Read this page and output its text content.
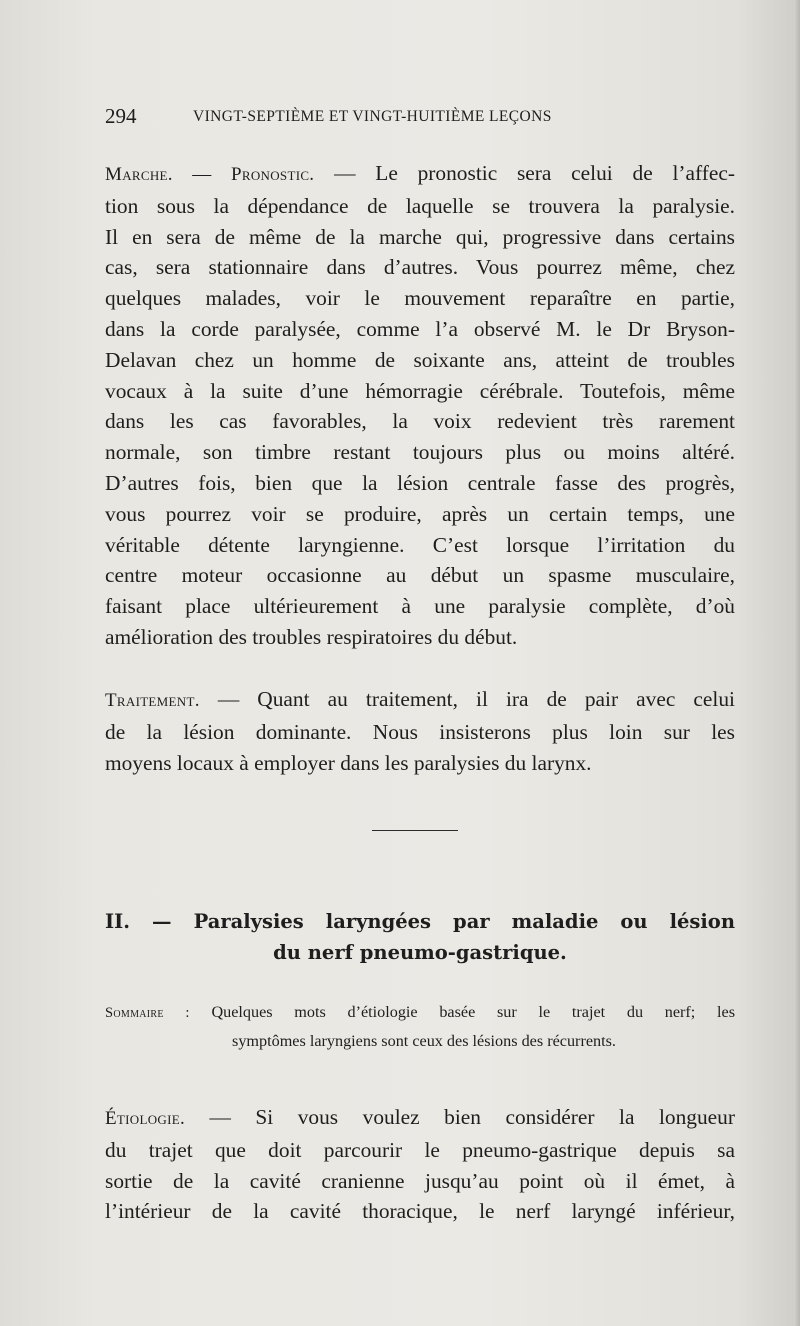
294	VINGT-SEPTIÈME ET VINGT-HUITIÈME LEÇONS
Marche. — Pronostic. — Le pronostic sera celui de l’affec-
tion sous la dépendance de laquelle se trouvera la paralysie.
Il en sera de même de la marche qui, progressive dans certains
cas, sera stationnaire dans d’autres. Vous pourrez même, chez
quelques malades, voir le mouvement reparaître en partie,
dans la corde paralysée, comme l’a observé M. le Dr Bryson-
Delavan chez un homme de soixante ans, atteint de troubles
vocaux à la suite d’une hémorragie cérébrale. Toutefois, même
dans les cas favorables, la voix redevient très rarement
normale, son timbre restant toujours plus ou moins altéré.
D’autres fois, bien que la lésion centrale fasse des progrès,
vous pourrez voir se produire, après un certain temps, une
véritable détente laryngienne. C’est lorsque l’irritation du
centre moteur occasionne au début un spasme musculaire,
faisant place ultérieurement à une paralysie complète, d’où
amélioration des troubles respiratoires du début.
Traitement. — Quant au traitement, il ira de pair avec celui
de la lésion dominante. Nous insisterons plus loin sur les
moyens locaux à employer dans les paralysies du larynx.
II. — Paralysies laryngées par maladie ou lésion
du nerf pneumo-gastrique.
Sommaire : Quelques mots d’étiologie basée sur le trajet du nerf; les
symptômes laryngiens sont ceux des lésions des récurrents.
Étiologie. — Si vous voulez bien considérer la longueur
du trajet que doit parcourir le pneumo-gastrique depuis sa
sortie de la cavité cranienne jusqu’au point où il émet, à
l’intérieur de la cavité thoracique, le nerf laryngé inférieur,
